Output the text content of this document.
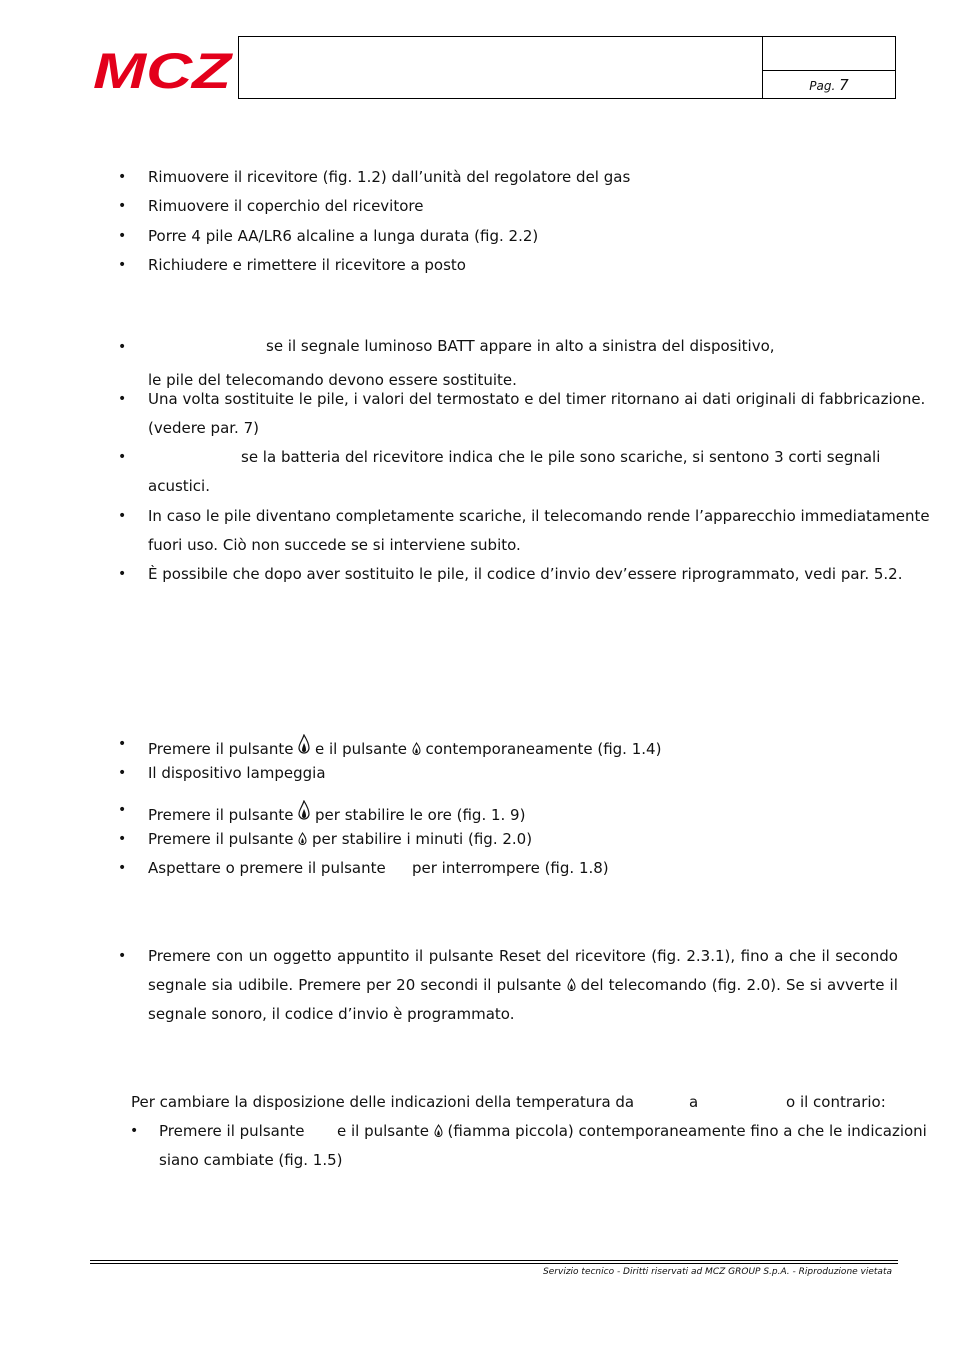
MCZ	Pag. 7
• Rimuovere il ricevitore (fig. 1.2) dall’unità del regolatore del gas
• Rimuovere il coperchio del ricevitore
• Porre 4 pile AA/LR6 alcaline a lunga durata (fig. 2.2)
• Richiudere e rimettere il ricevitore a posto
•	se il segnale luminoso BATT appare in alto a sinistra del dispositivo,
le pile del telecomando devono essere sostituite.
• Una volta sostituite le pile, i valori del termostato e del timer ritornano ai dati originali di fabbricazione.
(vedere par. 7)
•	se la batteria del ricevitore indica che le pile sono scariche, si sentono 3 corti segnali
acustici.
• In caso le pile diventano completamente scariche, il telecomando rende l’apparecchio immediatamente
fuori uso. Ciò non succede se si interviene subito.
• È possibile che dopo aver sostituito le pile, il codice d’invio dev’essere riprogrammato, vedi par. 5.2.
• Premere il pulsante e il pulsante contemporaneamente (fig. 1.4)
• Il dispositivo lampeggia
• Premere il pulsante per stabilire le ore (fig. 1. 9)
• Premere il pulsante per stabilire i minuti (fig. 2.0)
• Aspettare o premere il pulsante per interrompere (fig. 1.8)
• Premere con un oggetto appuntito il pulsante Reset del ricevitore (fig. 2.3.1), fino a che il secondo
segnale sia udibile. Premere per 20 secondi il pulsante del telecomando (fig. 2.0). Se si avverte il
segnale sonoro, il codice d’invio è programmato.
Per cambiare la disposizione delle indicazioni della temperatura da	a	o il contrario:
• Premere il pulsante e il pulsante (fiamma piccola) contemporaneamente fino a che le indicazioni
siano cambiate (fig. 1.5)
Servizio tecnico - Diritti riservati ad MCZ GROUP S.p.A. - Riproduzione vietata
